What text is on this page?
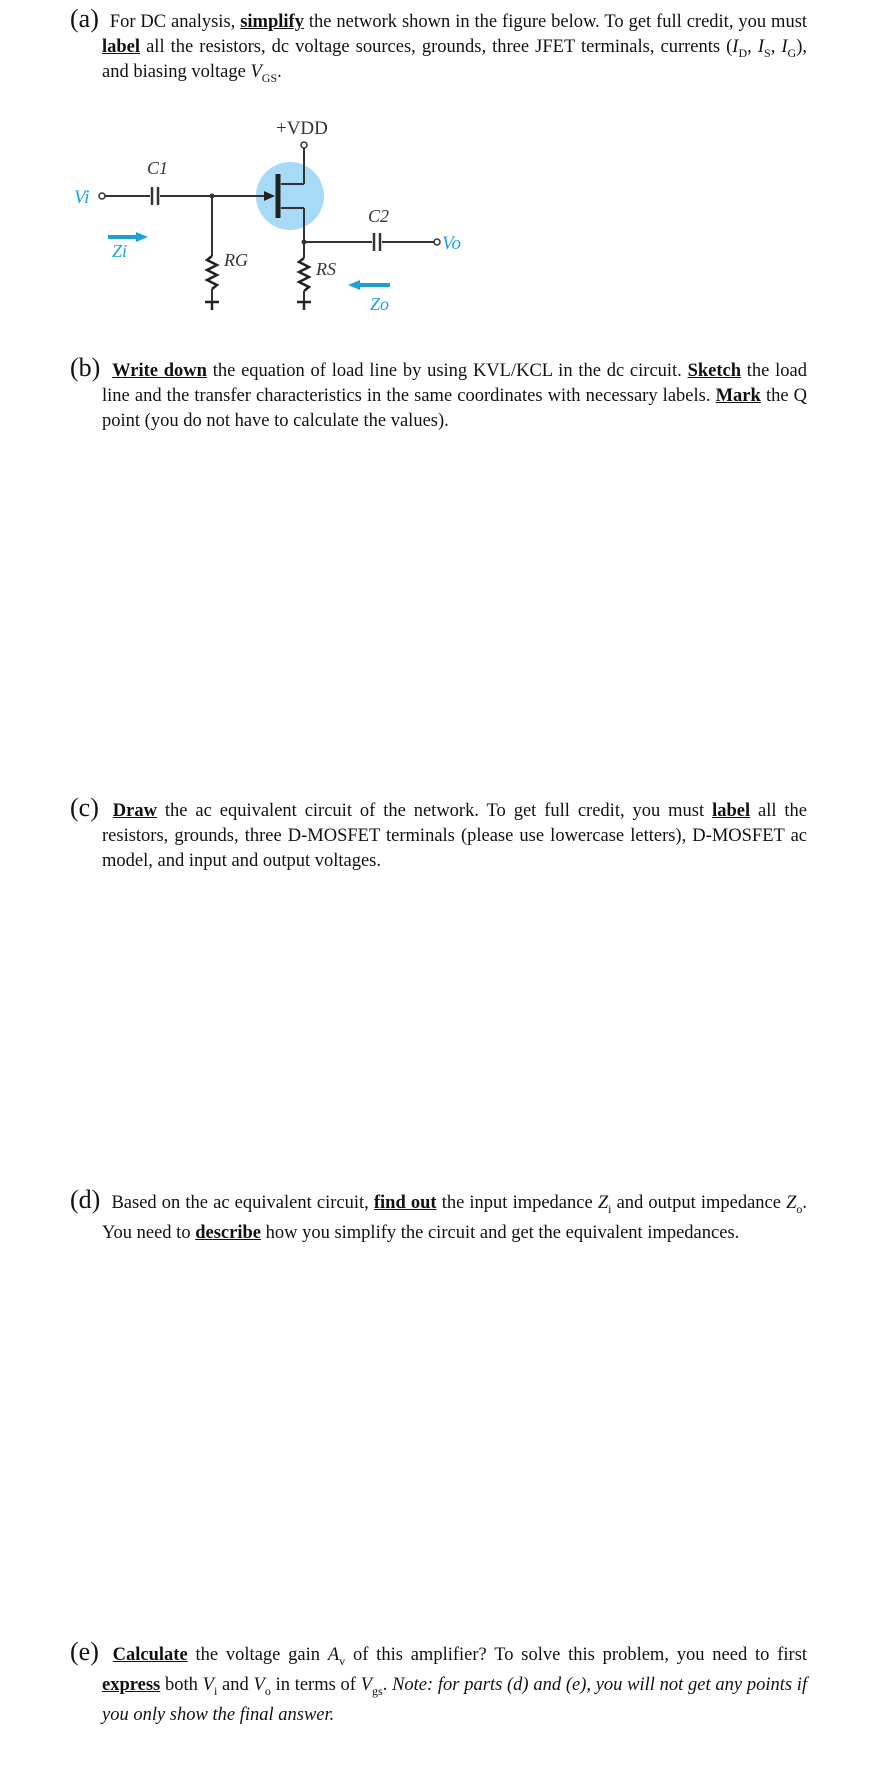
(a) For DC analysis, simplify the network shown in the figure below. To get full credit, you must label all the resistors, dc voltage sources, grounds, three JFET terminals, currents ($I_D$, $I_S$, $I_G$), and biasing voltage $V_{GS}$.
+VDD
Vi
C1
RG
Zi
RS
Vo
C2
Zo
(b) Write down the equation of load line by using KVL/KCL in the dc circuit. Sketch the load line and the transfer characteristics in the same coordinates with necessary labels. Mark the Q point (you do not have to calculate the values).
(c) Draw the ac equivalent circuit of the network. To get full credit, you must label all the resistors, grounds, three D-MOSFET terminals (please use lowercase letters), D-MOSFET ac model, and input and output voltages.
(d) Based on the ac equivalent circuit, find out the input impedance $Z_i$ and output impedance $Z_o$. You need to describe how you simplify the circuit and get the equivalent impedances.
(e) Calculate the voltage gain $A_v$ of this amplifier? To solve this problem, you need to first express both $V_i$ and $V_o$ in terms of $V_{gs}$. Note: for parts (d) and (e), you will not get any points if you only show the final answer.
